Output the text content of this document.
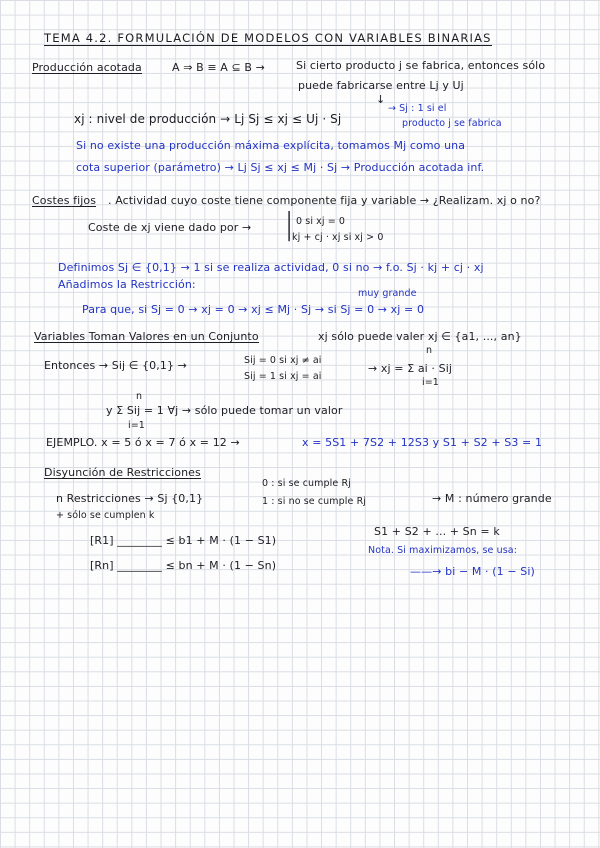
TEMA 4.2. FORMULACIÓN DE MODELOS CON VARIABLES BINARIAS
Producción acotada	A ⇒ B ≡ A ⊆ B →	Si cierto producto j se fabrica, entonces sólo
puede fabricarse entre Lj y Uj
↓
xj : nivel de producción → Lj Sj ≤ xj ≤ Uj · Sj
→ Sj : 1 si el
producto j se fabrica
Si no existe una producción máxima explícita, tomamos Mj como una
cota superior (parámetro) → Lj Sj ≤ xj ≤ Mj · Sj → Producción acotada inf.
Costes fijos . Actividad cuyo coste tiene componente fija y variable → ¿Realizam. xj o no?
Coste de xj viene dado por → | 0 si xj = 0
kj + cj · xj si xj > 0
Definimos Sj ∈ {0,1} → 1 si se realiza actividad, 0 si no → f.o. Sj · kj + cj · xj
Añadimos la Restricción:
muy grande
Para que, si Sj = 0 → xj = 0 → xj ≤ Mj · Sj → si Sj = 0 → xj = 0
Variables Toman Valores en un Conjunto	xj sólo puede valer xj ∈ {a1, ..., an}
Entonces → Sij ∈ {0,1} →	Sij = 0 si xj ≠ ai
Sij = 1 si xj = ai
→ xj = Σ ai · Sij
n
i=1
y Σ Sij = 1 ∀j → sólo puede tomar un valor
n
i=1
EJEMPLO. x = 5 ó x = 7 ó x = 12 →	x = 5S1 + 7S2 + 12S3 y S1 + S2 + S3 = 1
Disyunción de Restricciones
n Restricciones → Sj {0,1}
0 : si se cumple Rj
1 : si no se cumple Rj	→ M : número grande
+ sólo se cumplen k
[R1] ________ ≤ b1 + M · (1 − S1)
[Rn] ________ ≤ bn + M · (1 − Sn)
S1 + S2 + ... + Sn = k
Nota. Si maximizamos, se usa:
——→ bi − M · (1 − Si)
